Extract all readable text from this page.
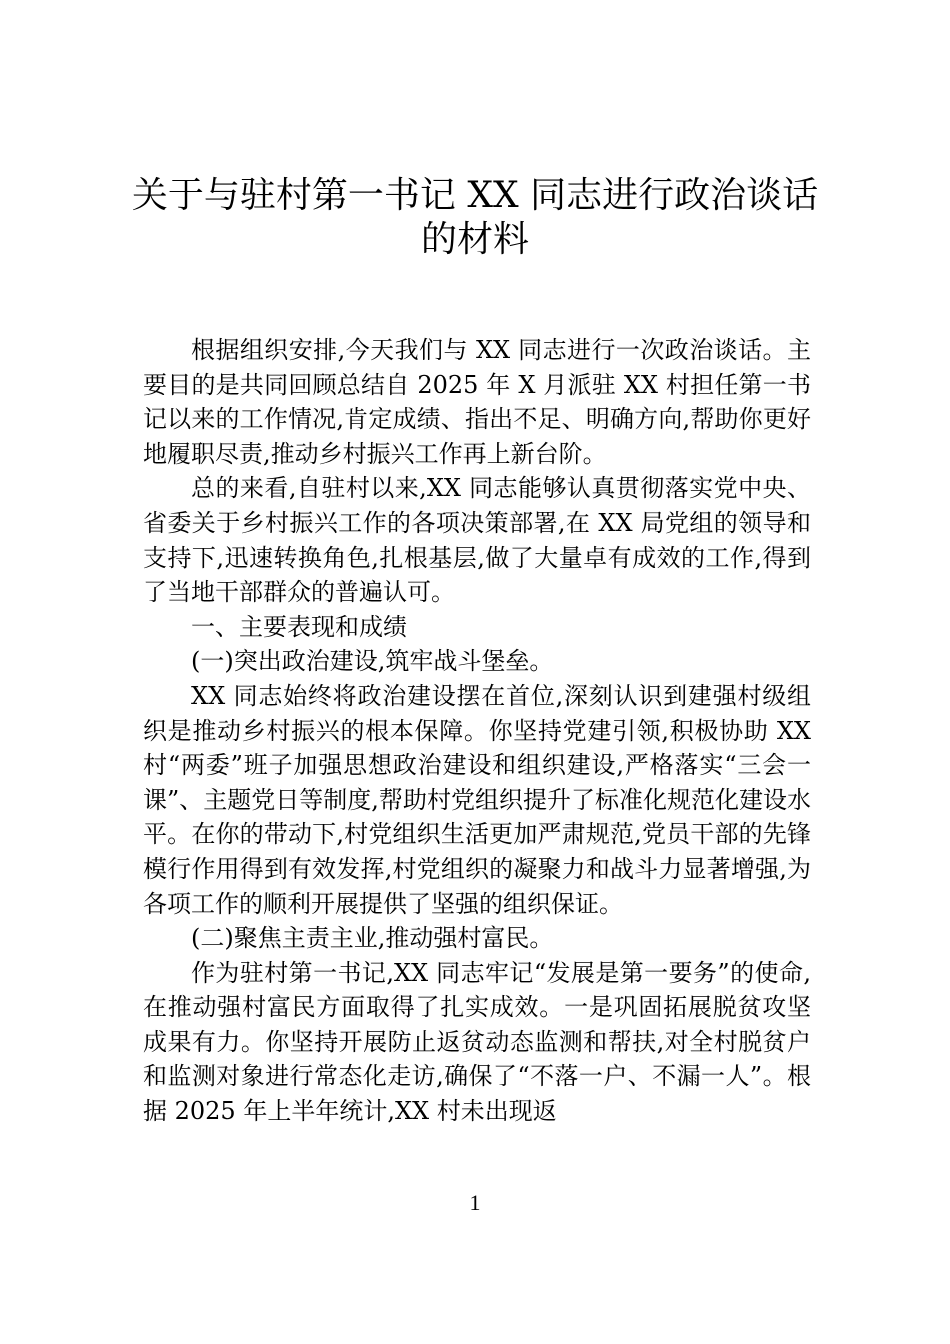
关于与驻村第一书记 XX 同志进行政治谈话
的材料

根据组织安排,今天我们与 XX 同志进行一次政治谈话。主要目的是共同回顾总结自 2025 年 X 月派驻 XX 村担任第一书记以来的工作情况,肯定成绩、指出不足、明确方向,帮助你更好地履职尽责,推动乡村振兴工作再上新台阶。

总的来看,自驻村以来,XX 同志能够认真贯彻落实党中央、省委关于乡村振兴工作的各项决策部署,在 XX 局党组的领导和支持下,迅速转换角色,扎根基层,做了大量卓有成效的工作,得到了当地干部群众的普遍认可。

一、主要表现和成绩

(一)突出政治建设,筑牢战斗堡垒。

XX 同志始终将政治建设摆在首位,深刻认识到建强村级组织是推动乡村振兴的根本保障。你坚持党建引领,积极协助 XX 村“两委”班子加强思想政治建设和组织建设,严格落实“三会一课”、主题党日等制度,帮助村党组织提升了标准化规范化建设水平。在你的带动下,村党组织生活更加严肃规范,党员干部的先锋模行作用得到有效发挥,村党组织的凝聚力和战斗力显著增强,为各项工作的顺利开展提供了坚强的组织保证。

(二)聚焦主责主业,推动强村富民。

作为驻村第一书记,XX 同志牢记“发展是第一要务”的使命,在推动强村富民方面取得了扎实成效。一是巩固拓展脱贫攻坚成果有力。你坚持开展防止返贫动态监测和帮扶,对全村脱贫户和监测对象进行常态化走访,确保了“不落一户、不漏一人”。根据 2025 年上半年统计,XX 村未出现返

1
